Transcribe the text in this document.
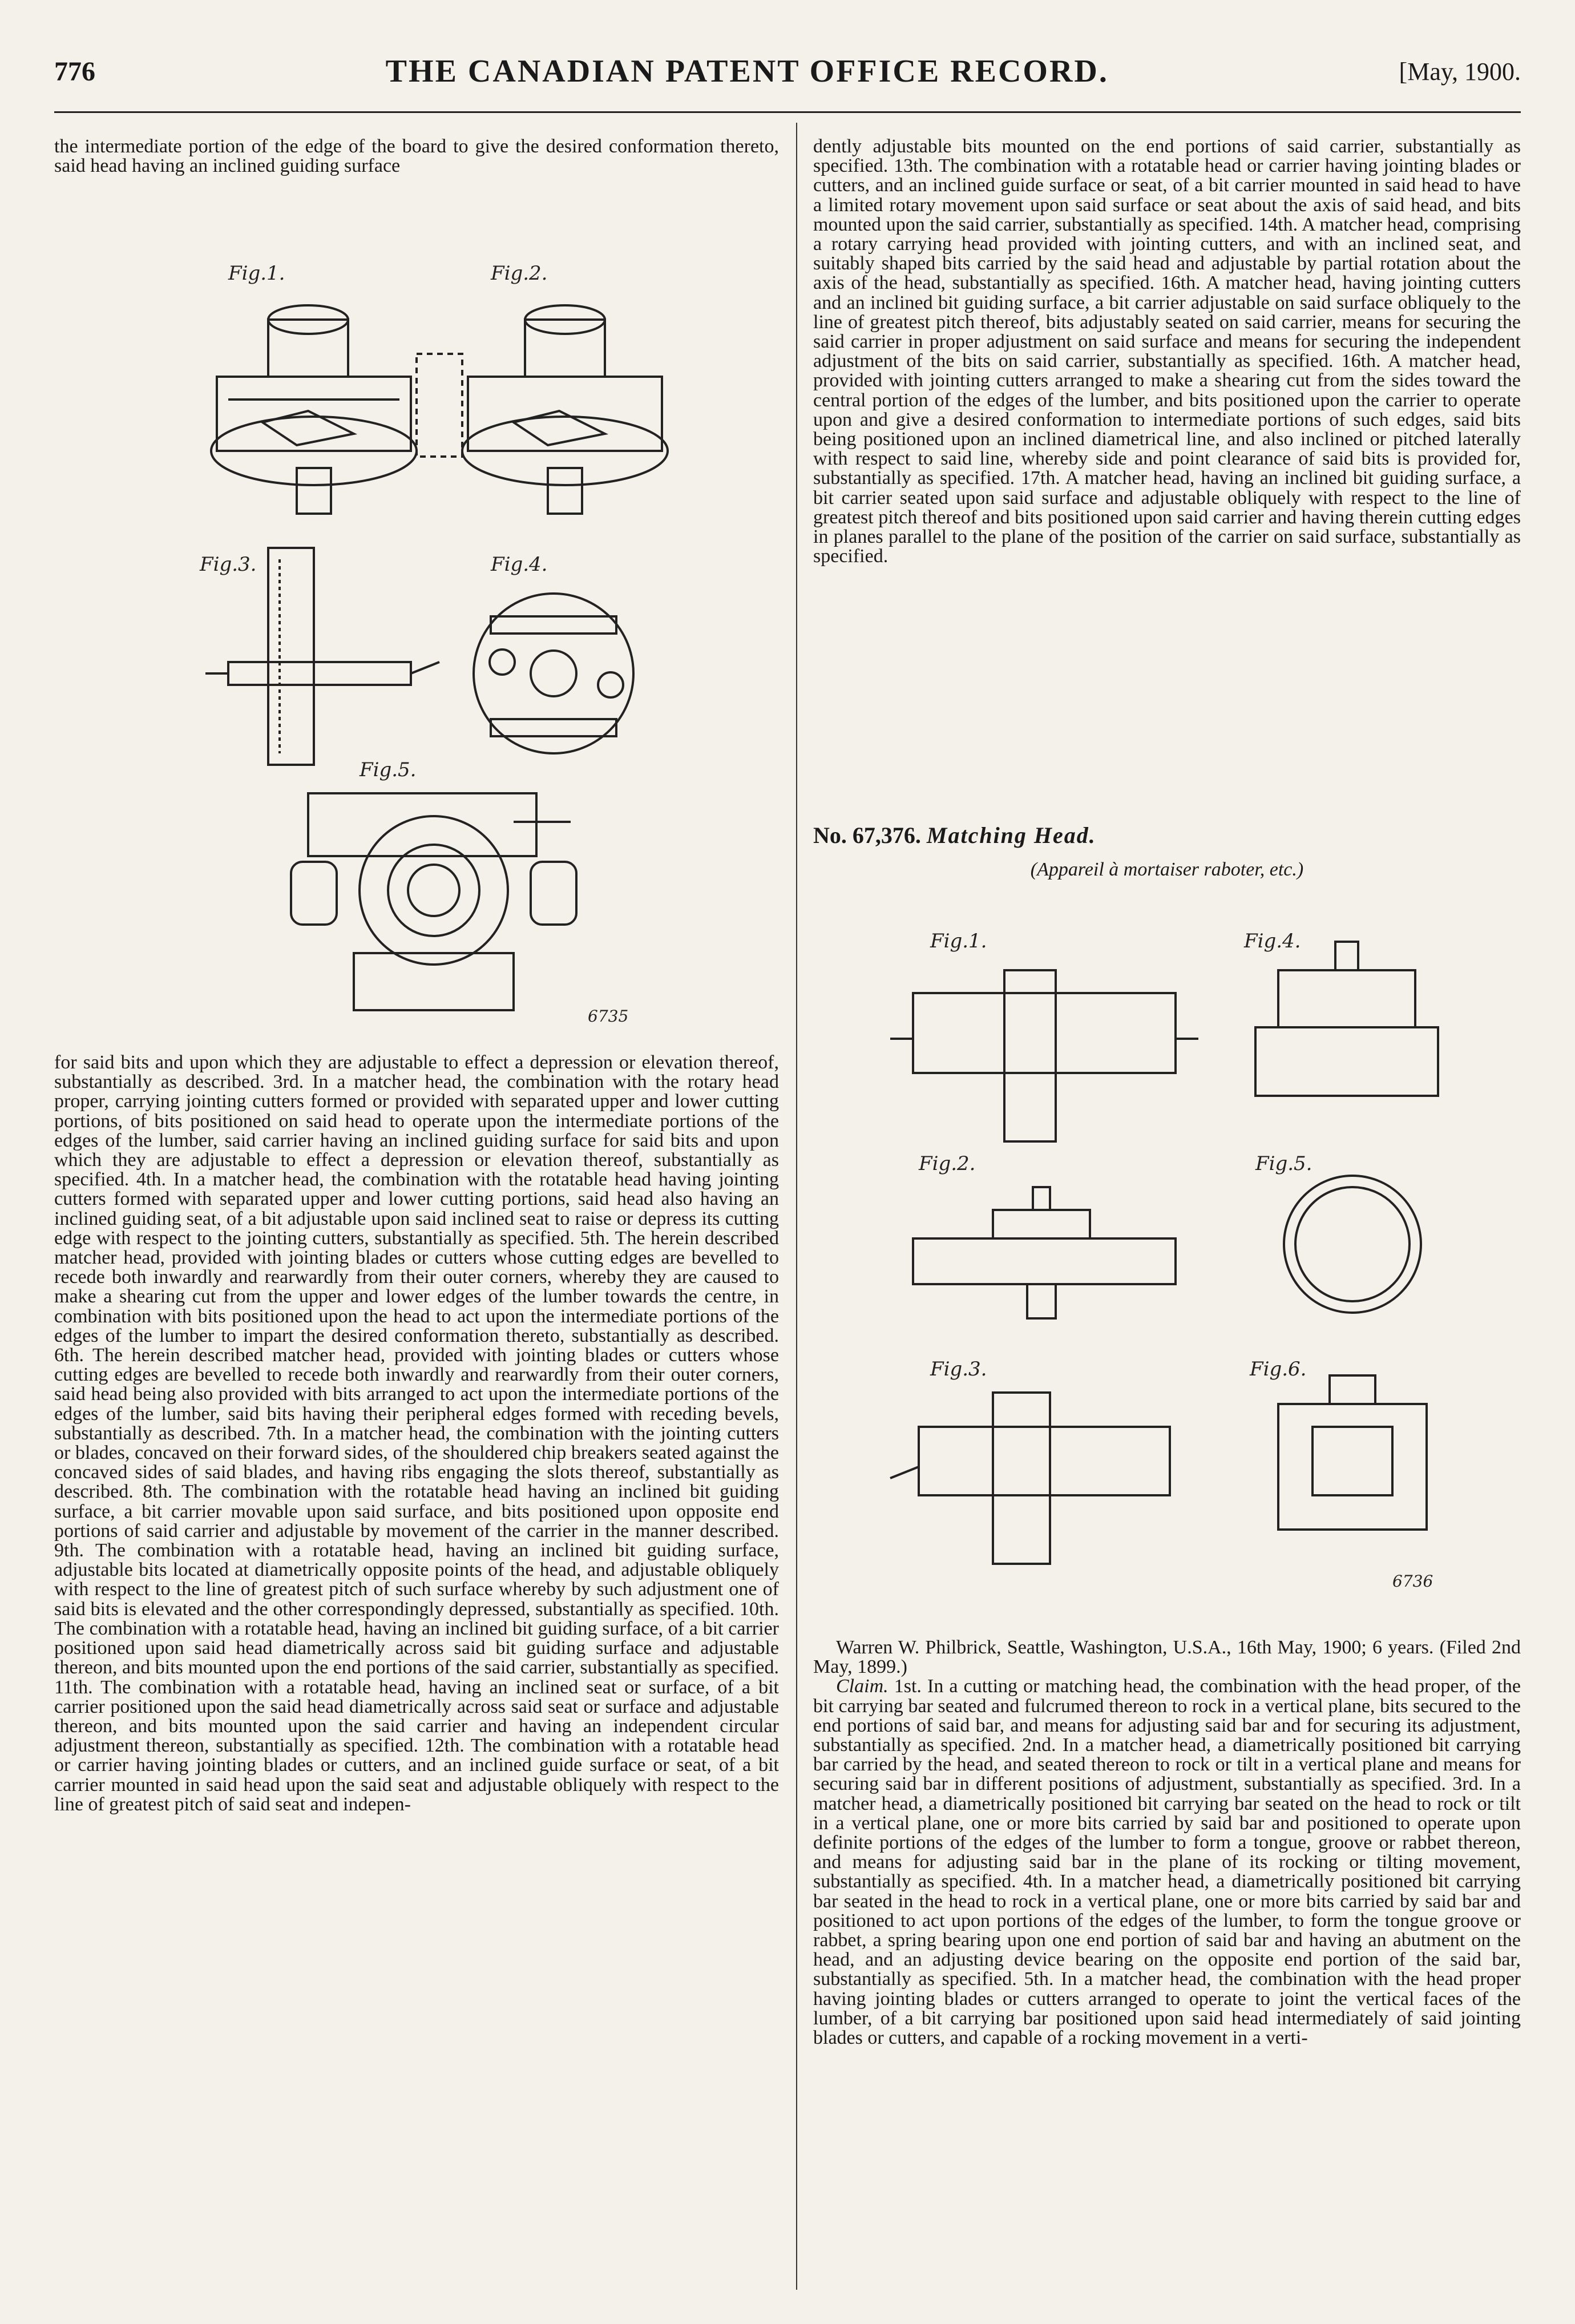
776	THE CANADIAN PATENT OFFICE RECORD.	[May, 1900.

the intermediate portion of the edge of the board to give the desired conformation thereto, said head having an inclined guiding surface

Fig.1.	Fig.2.
Fig.3.	Fig.4.
Fig.5.
6735

for said bits and upon which they are adjustable to effect a depression or elevation thereof, substantially as described. 3rd. In a matcher head, the combination with the rotary head proper, carrying jointing cutters formed or provided with separated upper and lower cutting portions, of bits positioned on said head to operate upon the intermediate portions of the edges of the lumber, said carrier having an inclined guiding surface for said bits and upon which they are adjustable to effect a depression or elevation thereof, substantially as specified. 4th. In a matcher head, the combination with the rotatable head having jointing cutters formed with separated upper and lower cutting portions, said head also having an inclined guiding seat, of a bit adjustable upon said inclined seat to raise or depress its cutting edge with respect to the jointing cutters, substantially as specified. 5th. The herein described matcher head, provided with jointing blades or cutters whose cutting edges are bevelled to recede both inwardly and rearwardly from their outer corners, whereby they are caused to make a shearing cut from the upper and lower edges of the lumber towards the centre, in combination with bits positioned upon the head to act upon the intermediate portions of the edges of the lumber to impart the desired conformation thereto, substantially as described. 6th. The herein described matcher head, provided with jointing blades or cutters whose cutting edges are bevelled to recede both inwardly and rearwardly from their outer corners, said head being also provided with bits arranged to act upon the intermediate portions of the edges of the lumber, said bits having their peripheral edges formed with receding bevels, substantially as described. 7th. In a matcher head, the combination with the jointing cutters or blades, concaved on their forward sides, of the shouldered chip breakers seated against the concaved sides of said blades, and having ribs engaging the slots thereof, substantially as described. 8th. The combination with the rotatable head having an inclined bit guiding surface, a bit carrier movable upon said surface, and bits positioned upon opposite end portions of said carrier and adjustable by movement of the carrier in the manner described. 9th. The combination with a rotatable head, having an inclined bit guiding surface, adjustable bits located at diametrically opposite points of the head, and adjustable obliquely with respect to the line of greatest pitch of such surface whereby by such adjustment one of said bits is elevated and the other correspondingly depressed, substantially as specified. 10th. The combination with a rotatable head, having an inclined bit guiding surface, of a bit carrier positioned upon said head diametrically across said bit guiding surface and adjustable thereon, and bits mounted upon the end portions of the said carrier, substantially as specified. 11th. The combination with a rotatable head, having an inclined seat or surface, of a bit carrier positioned upon the said head diametrically across said seat or surface and adjustable thereon, and bits mounted upon the said carrier and having an independent circular adjustment thereon, substantially as specified. 12th. The combination with a rotatable head or carrier having jointing blades or cutters, and an inclined guide surface or seat, of a bit carrier mounted in said head upon the said seat and adjustable obliquely with respect to the line of greatest pitch of said seat and indepen-

dently adjustable bits mounted on the end portions of said carrier, substantially as specified. 13th. The combination with a rotatable head or carrier having jointing blades or cutters, and an inclined guide surface or seat, of a bit carrier mounted in said head to have a limited rotary movement upon said surface or seat about the axis of said head, and bits mounted upon the said carrier, substantially as specified. 14th. A matcher head, comprising a rotary carrying head provided with jointing cutters, and with an inclined seat, and suitably shaped bits carried by the said head and adjustable by partial rotation about the axis of the head, substantially as specified. 16th. A matcher head, having jointing cutters and an inclined bit guiding surface, a bit carrier adjustable on said surface obliquely to the line of greatest pitch thereof, bits adjustably seated on said carrier, means for securing the said carrier in proper adjustment on said surface and means for securing the independent adjustment of the bits on said carrier, substantially as specified. 16th. A matcher head, provided with jointing cutters arranged to make a shearing cut from the sides toward the central portion of the edges of the lumber, and bits positioned upon the carrier to operate upon and give a desired conformation to intermediate portions of such edges, said bits being positioned upon an inclined diametrical line, and also inclined or pitched laterally with respect to said line, whereby side and point clearance of said bits is provided for, substantially as specified. 17th. A matcher head, having an inclined bit guiding surface, a bit carrier seated upon said surface and adjustable obliquely with respect to the line of greatest pitch thereof and bits positioned upon said carrier and having therein cutting edges in planes parallel to the plane of the position of the carrier on said surface, substantially as specified.

No. 67,376. Matching Head.
(Appareil à mortaiser raboter, etc.)
Fig.1.	Fig.4.
Fig.2.	Fig.5.
Fig.3.	Fig.6.
6736

Warren W. Philbrick, Seattle, Washington, U.S.A., 16th May, 1900; 6 years. (Filed 2nd May, 1899.)

Claim. 1st. In a cutting or matching head, the combination with the head proper, of the bit carrying bar seated and fulcrumed thereon to rock in a vertical plane, bits secured to the end portions of said bar, and means for adjusting said bar and for securing its adjustment, substantially as specified. 2nd. In a matcher head, a diametrically positioned bit carrying bar carried by the head, and seated thereon to rock or tilt in a vertical plane and means for securing said bar in different positions of adjustment, substantially as specified. 3rd. In a matcher head, a diametrically positioned bit carrying bar seated on the head to rock or tilt in a vertical plane, one or more bits carried by said bar and positioned to operate upon definite portions of the edges of the lumber to form a tongue, groove or rabbet thereon, and means for adjusting said bar in the plane of its rocking or tilting movement, substantially as specified. 4th. In a matcher head, a diametrically positioned bit carrying bar seated in the head to rock in a vertical plane, one or more bits carried by said bar and positioned to act upon portions of the edges of the lumber, to form the tongue groove or rabbet, a spring bearing upon one end portion of said bar and having an abutment on the head, and an adjusting device bearing on the opposite end portion of the said bar, substantially as specified. 5th. In a matcher head, the combination with the head proper having jointing blades or cutters arranged to operate to joint the vertical faces of the lumber, of a bit carrying bar positioned upon said head intermediately of said jointing blades or cutters, and capable of a rocking movement in a verti-
